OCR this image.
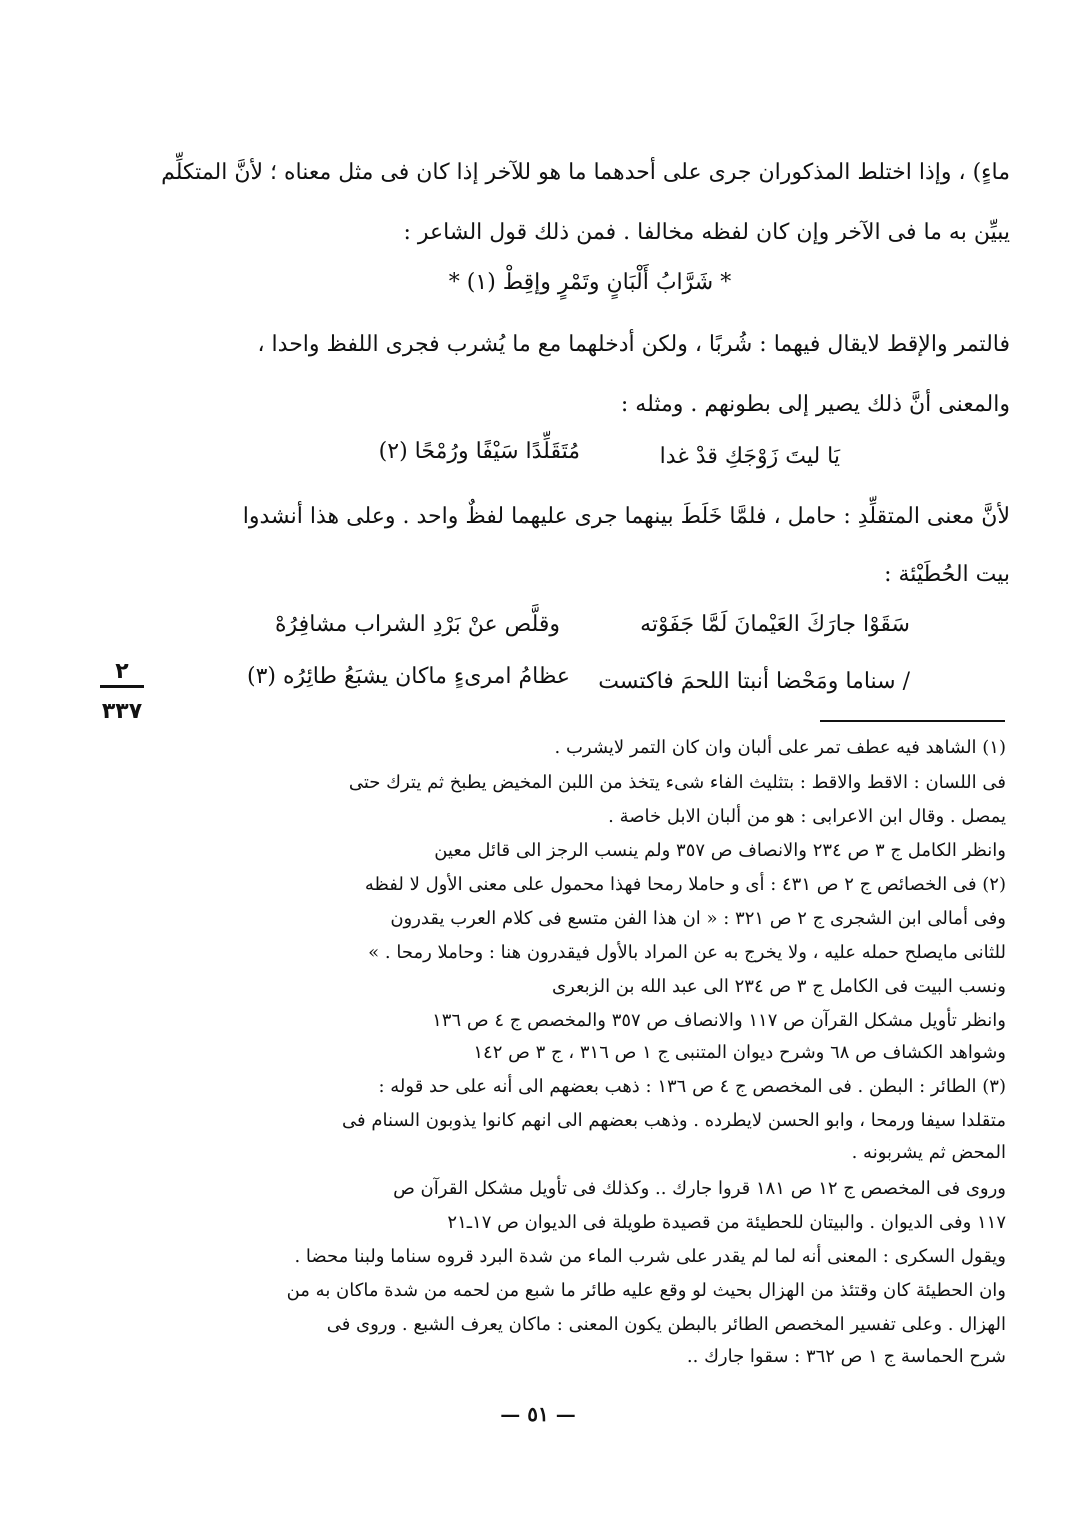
ماءٍ) ، وإذا اختلط المذكوران جرى على أحدهما ما هو للآخر إذا كان فى مثل معناه ؛ لأنَّ المتكلِّم
يبيِّن به ما فى الآخر وإن كان لفظه مخالفا . فمن ذلك قول الشاعر :
* شَرَّابُ أَلْبَانٍ وتَمْرٍ وإقِطْ (١) *
فالتمر والإقط لايقال فيهما : شُربًا ، ولكن أدخلهما مع ما يُشرب فجرى اللفظ واحدا ،
والمعنى أنَّ ذلك يصير إلى بطونهم . ومثله :
يَا ليتَ زَوْجَكِ قدْ غدا
مُتَقَلِّدًا سَيْفًا ورُمْحًا (٢)
لأنَّ معنى المتقلِّدِ : حامل ، فلمَّا خَلَطَ بينهما جرى عليهما لفظٌ واحد . وعلى هذا أنشدوا
بيت الحُطَيْئة :
سَقَوْا جارَكَ العَيْمانَ لَمَّا جَفَوْته
وقلَّص عنْ بَرْدِ الشراب مشافِرُهْ
/ سناما ومَحْضا أنبتا اللحمَ فاكتست
عظامُ امرىءٍ ماكان يشبَعُ طائِرُه (٣)
٢
٣٣٧
(١) الشاهد فيه عطف تمر على ألبان وان كان التمر لايشرب .
فى اللسان : الاقط والاقط : بتثليث الفاء شىء يتخذ من اللبن المخيض يطبخ ثم يترك حتى
يمصل . وقال ابن الاعرابى : هو من ألبان الابل خاصة .
وانظر الكامل ج ٣ ص ٢٣٤ والانصاف ص ٣٥٧ ولم ينسب الرجز الى قائل معين
(٢) فى الخصائص ج ٢ ص ٤٣١ : أى و حاملا رمحا فهذا محمول على معنى الأول لا لفظه
وفى أمالى ابن الشجرى ج ٢ ص ٣٢١ : « ان هذا الفن متسع فى كلام العرب يقدرون
للثانى مايصلح حمله عليه ، ولا يخرج به عن المراد بالأول فيقدرون هنا : وحاملا رمحا . »
ونسب البيت فى الكامل ج ٣ ص ٢٣٤ الى عبد الله بن الزبعرى
وانظر تأويل مشكل القرآن ص ١١٧ والانصاف ص ٣٥٧ والمخصص ج ٤ ص ١٣٦
وشواهد الكشاف ص ٦٨ وشرح ديوان المتنبى ج ١ ص ٣١٦ ، ج ٣ ص ١٤٢
(٣) الطائر : البطن . فى المخصص ج ٤ ص ١٣٦ : ذهب بعضهم الى أنه على حد قوله :
متقلدا سيفا ورمحا ، وابو الحسن لايطرده . وذهب بعضهم الى انهم كانوا يذوبون السنام فى
المحض ثم يشربونه .
وروى فى المخصص ج ١٢ ص ١٨١ قروا جارك .. وكذلك فى تأويل مشكل القرآن ص
١١٧ وفى الديوان . والبيتان للحطيئة من قصيدة طويلة فى الديوان ص ١٧ـ٢١
ويقول السكرى : المعنى أنه لما لم يقدر على شرب الماء من شدة البرد قروه سناما ولبنا محضا .
وان الحطيئة كان وقتئذ من الهزال بحيث لو وقع عليه طائر ما شبع من لحمه من شدة ماكان به من
الهزال . وعلى تفسير المخصص الطائر بالبطن يكون المعنى : ماكان يعرف الشبع . وروى فى
شرح الحماسة ج ١ ص ٣٦٢ : سقوا جارك ..
— ٥١ —
